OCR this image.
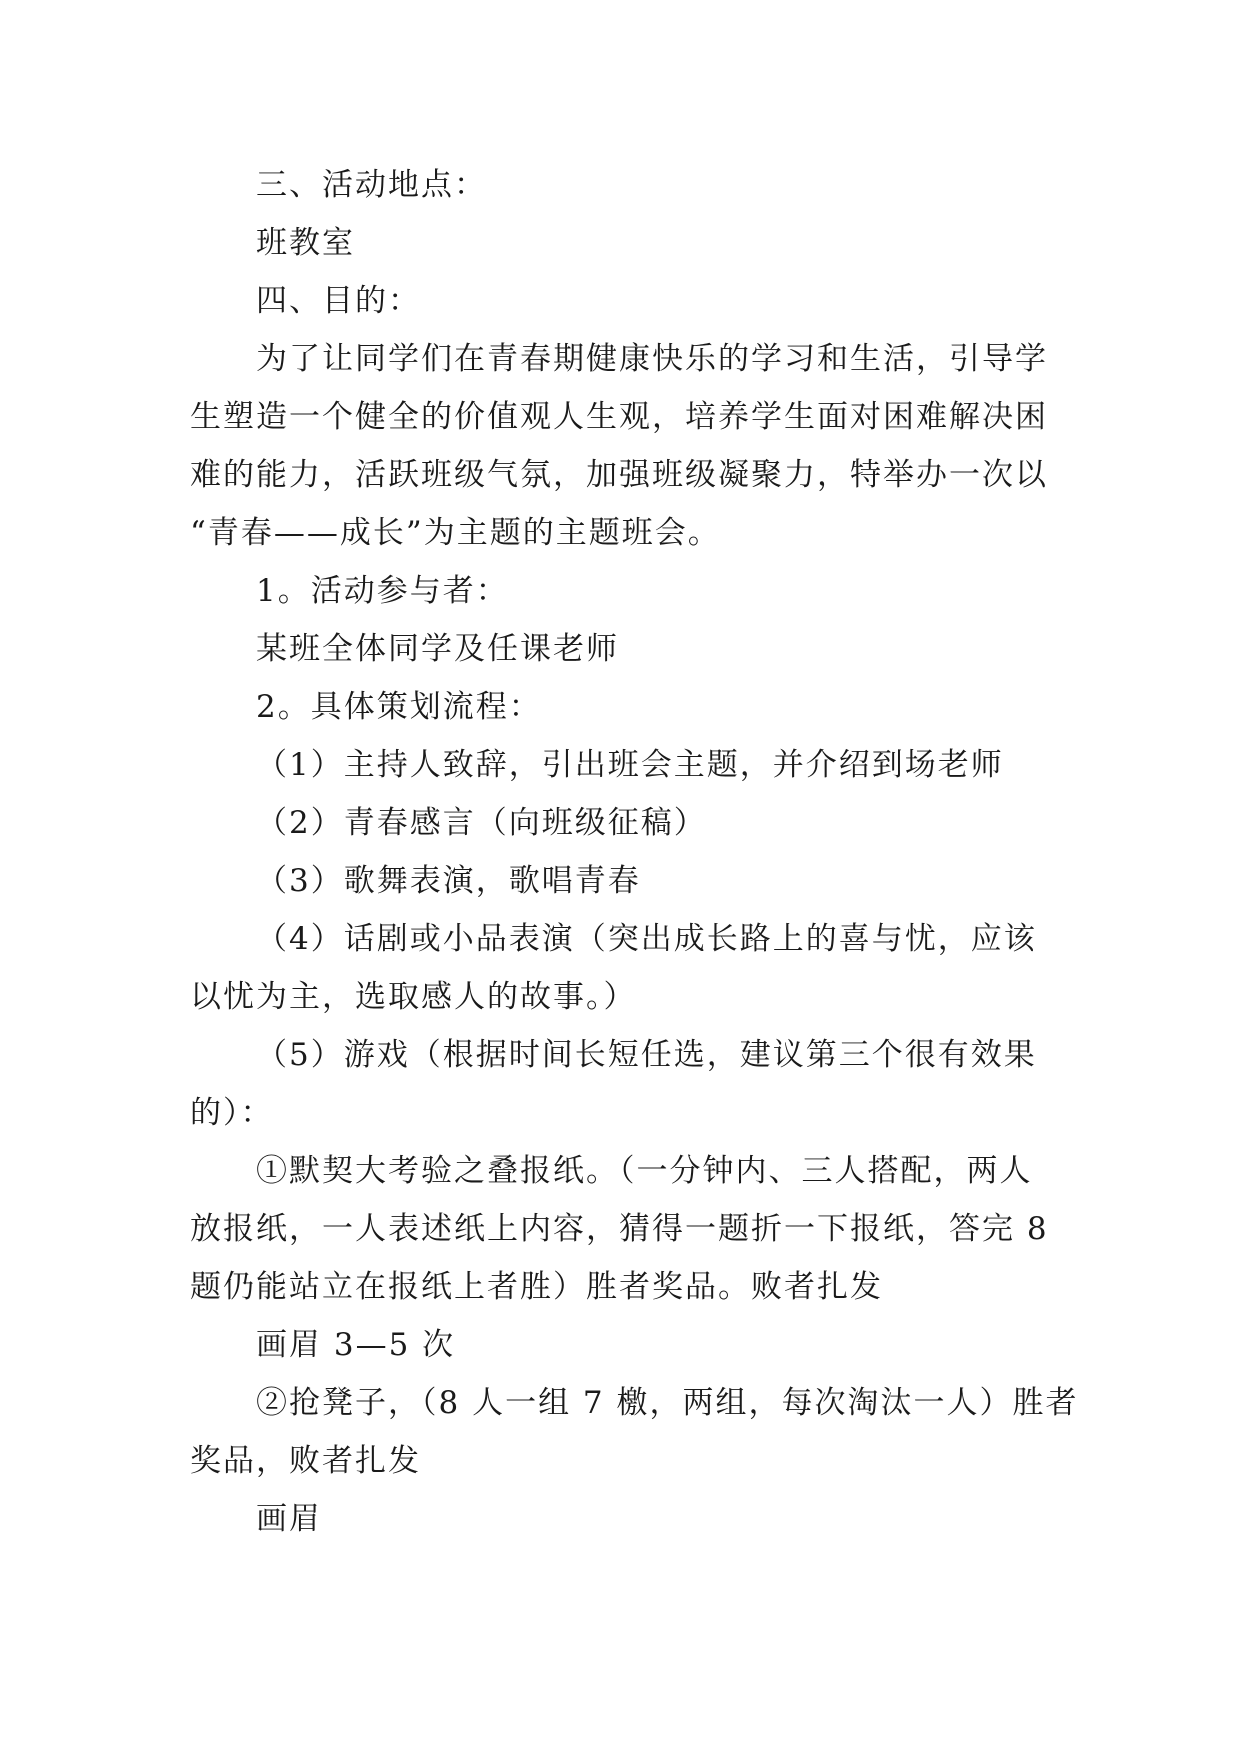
三、活动地点：

班教室

四、目的：

为了让同学们在青春期健康快乐的学习和生活，引导学
生塑造一个健全的价值观人生观，培养学生面对困难解决困
难的能力，活跃班级气氛，加强班级凝聚力，特举办一次以
“青春——成长”为主题的主题班会。

1。活动参与者：

某班全体同学及任课老师

2。具体策划流程：

（1）主持人致辞，引出班会主题，并介绍到场老师

（2）青春感言（向班级征稿）

（3）歌舞表演，歌唱青春

（4）话剧或小品表演（突出成长路上的喜与忧，应该
以忧为主，选取感人的故事。）

（5）游戏（根据时间长短任选，建议第三个很有效果
的）：

①默契大考验之叠报纸。（一分钟内、三人搭配，两人
放报纸，一人表述纸上内容，猜得一题折一下报纸，答完 8
题仍能站立在报纸上者胜）胜者奖品。败者扎发

画眉 3—5 次

②抢凳子，（8 人一组 7 檄，两组，每次淘汰一人）胜者
奖品，败者扎发

画眉
